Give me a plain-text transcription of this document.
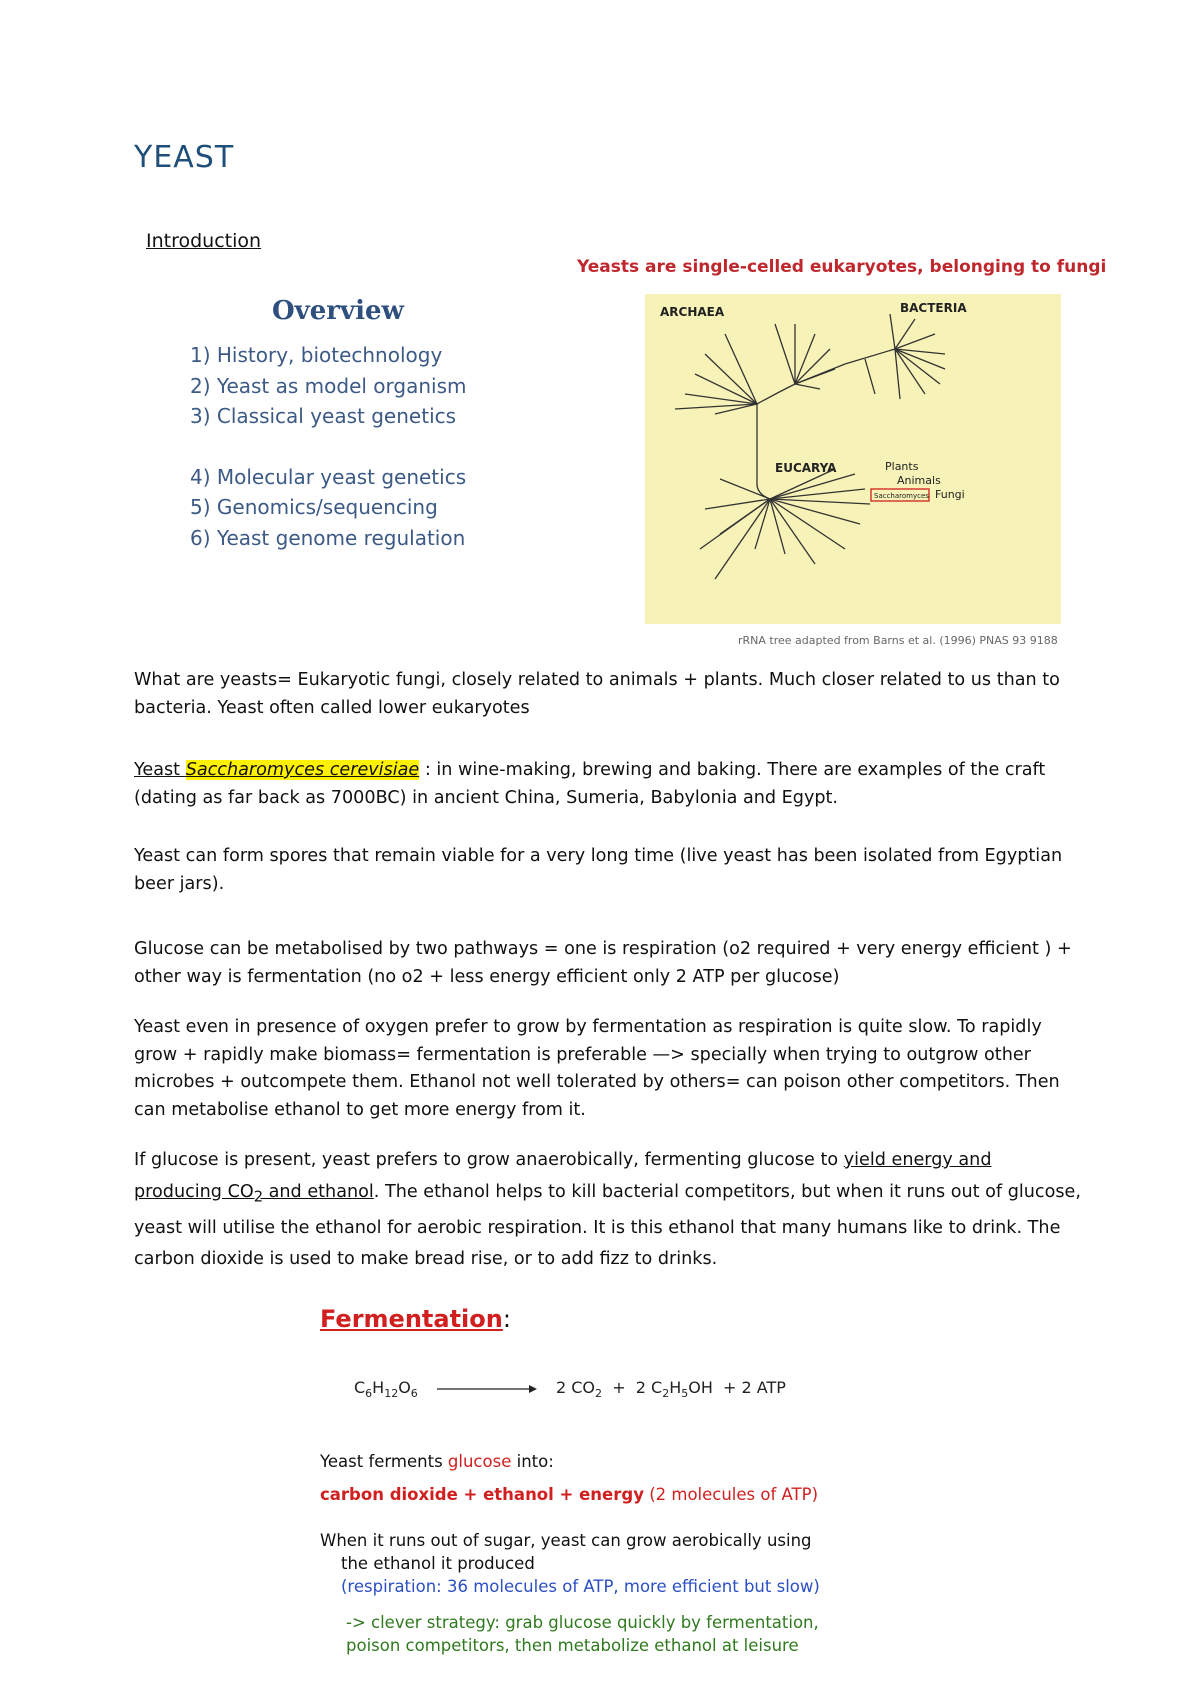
YEAST
Introduction
Overview
1) History, biotechnology
2) Yeast as model organism
3) Classical yeast genetics
4) Molecular yeast genetics
5) Genomics/sequencing
6) Yeast genome regulation
Yeasts are single-celled eukaryotes, belonging to fungi
ARCHAEA	BACTERIA
EUCARYA	Plants
Animals
Fungi
Saccharomyces
rRNA tree adapted from Barns et al. (1996) PNAS 93 9188
What are yeasts= Eukaryotic fungi, closely related to animals + plants. Much closer related to us than to bacteria. Yeast often called lower eukaryotes
Yeast Saccharomyces cerevisiae : in wine-making, brewing and baking. There are examples of the craft (dating as far back as 7000BC) in ancient China, Sumeria, Babylonia and Egypt.
Yeast can form spores that remain viable for a very long time (live yeast has been isolated from Egyptian beer jars).
Glucose can be metabolised by two pathways = one is respiration (o2 required + very energy efficient ) + other way is fermentation (no o2 + less energy efficient only 2 ATP per glucose)
Yeast even in presence of oxygen prefer to grow by fermentation as respiration is quite slow. To rapidly grow + rapidly make biomass= fermentation is preferable —> specially when trying to outgrow other microbes + outcompete them. Ethanol not well tolerated by others= can poison other competitors. Then can metabolise ethanol to get more energy from it.
If glucose is present, yeast prefers to grow anaerobically, fermenting glucose to yield energy and producing $CO_2$ and ethanol. The ethanol helps to kill bacterial competitors, but when it runs out of glucose, yeast will utilise the ethanol for aerobic respiration. It is this ethanol that many humans like to drink. The carbon dioxide is used to make bread rise, or to add fizz to drinks.
Fermentation:
$C_6H_{12}O_6$	2 $CO_2 + 2$ $C_2H_5OH + 2$ ATP
Yeast ferments glucose into:
carbon dioxide + ethanol + energy (2 molecules of ATP)
When it runs out of sugar, yeast can grow aerobically using
the ethanol it produced
(respiration: 36 molecules of ATP, more efficient but slow)
-> clever strategy: grab glucose quickly by fermentation,
poison competitors, then metabolize ethanol at leisure
